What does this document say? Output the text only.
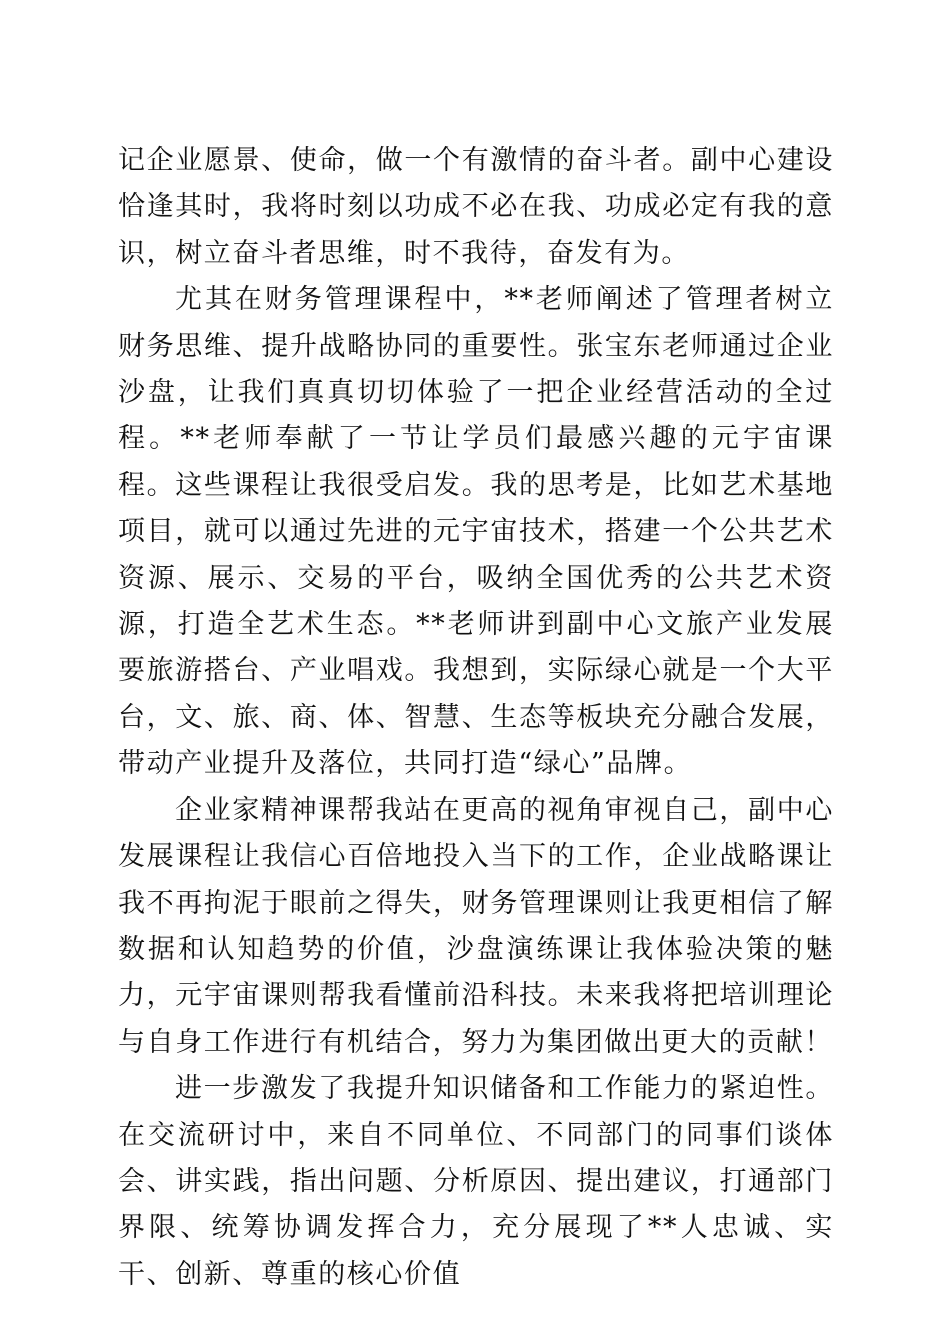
记企业愿景、使命，做一个有激情的奋斗者。副中心建设恰逢其时，我将时刻以功成不必在我、功成必定有我的意识，树立奋斗者思维，时不我待，奋发有为。

尤其在财务管理课程中，**老师阐述了管理者树立财务思维、提升战略协同的重要性。张宝东老师通过企业沙盘，让我们真真切切体验了一把企业经营活动的全过程。**老师奉献了一节让学员们最感兴趣的元宇宙课程。这些课程让我很受启发。我的思考是，比如艺术基地项目，就可以通过先进的元宇宙技术，搭建一个公共艺术资源、展示、交易的平台，吸纳全国优秀的公共艺术资源，打造全艺术生态。**老师讲到副中心文旅产业发展要旅游搭台、产业唱戏。我想到，实际绿心就是一个大平台，文、旅、商、体、智慧、生态等板块充分融合发展，带动产业提升及落位，共同打造“绿心”品牌。

企业家精神课帮我站在更高的视角审视自己，副中心发展课程让我信心百倍地投入当下的工作，企业战略课让我不再拘泥于眼前之得失，财务管理课则让我更相信了解数据和认知趋势的价值，沙盘演练课让我体验决策的魅力，元宇宙课则帮我看懂前沿科技。未来我将把培训理论与自身工作进行有机结合，努力为集团做出更大的贡献！

进一步激发了我提升知识储备和工作能力的紧迫性。在交流研讨中，来自不同单位、不同部门的同事们谈体会、讲实践，指出问题、分析原因、提出建议，打通部门界限、统筹协调发挥合力，充分展现了**人忠诚、实干、创新、尊重的核心价值
